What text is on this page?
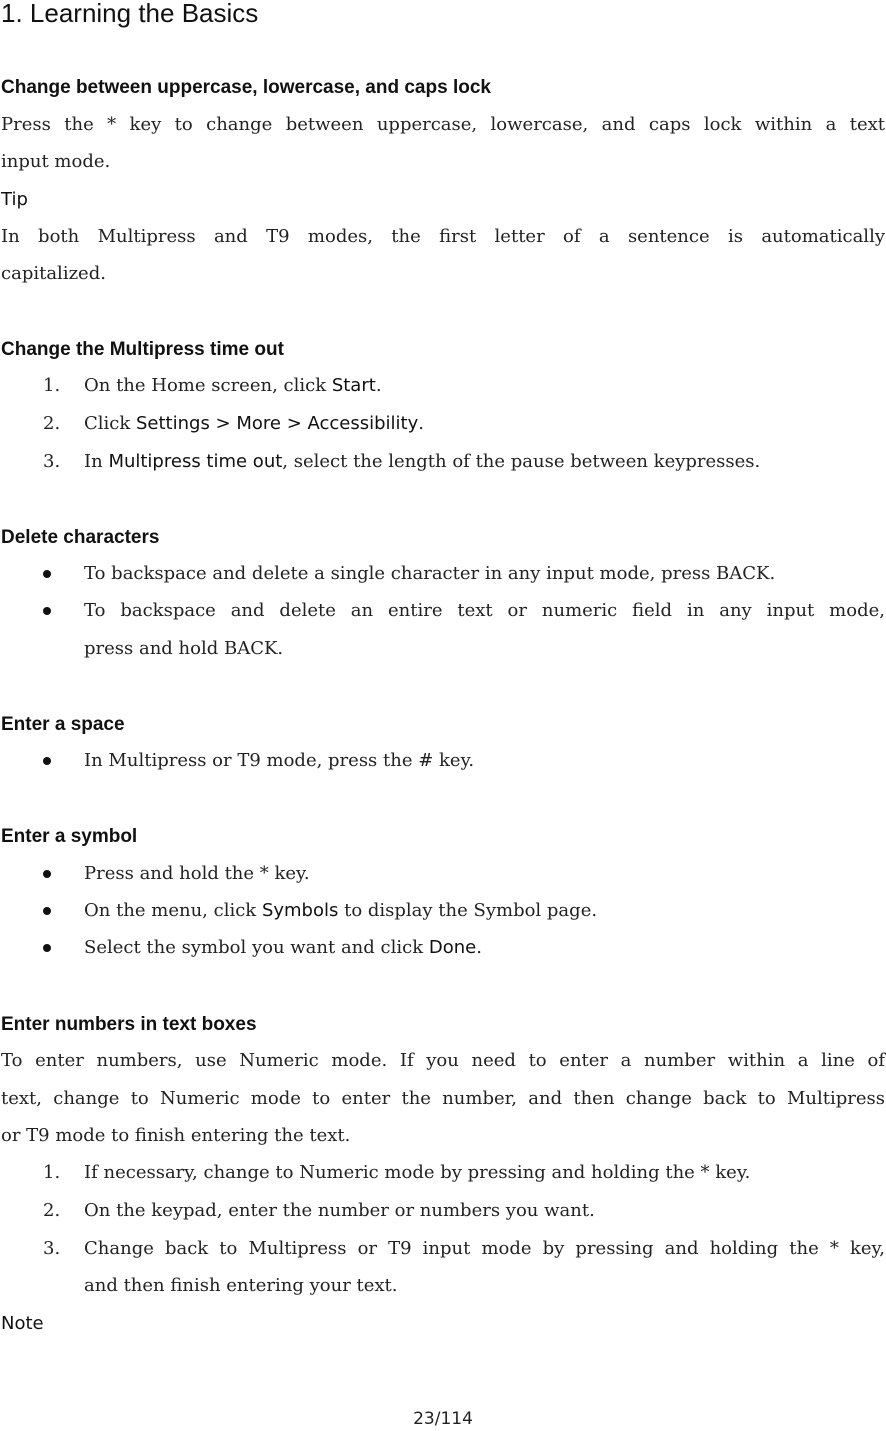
1. Learning the Basics
Change between uppercase, lowercase, and caps lock
Press the * key to change between uppercase, lowercase, and caps lock within a text
input mode.
Tip
In both Multipress and T9 modes, the first letter of a sentence is automatically
capitalized.
Change the Multipress time out
1. On the Home screen, click Start.
2. Click Settings > More > Accessibility.
3. In Multipress time out, select the length of the pause between keypresses.
Delete characters
To backspace and delete a single character in any input mode, press BACK.
To backspace and delete an entire text or numeric field in any input mode,
press and hold BACK.
Enter a space
In Multipress or T9 mode, press the # key.
Enter a symbol
Press and hold the * key.
On the menu, click Symbols to display the Symbol page.
Select the symbol you want and click Done.
Enter numbers in text boxes
To enter numbers, use Numeric mode. If you need to enter a number within a line of
text, change to Numeric mode to enter the number, and then change back to Multipress
or T9 mode to finish entering the text.
1. If necessary, change to Numeric mode by pressing and holding the * key.
2. On the keypad, enter the number or numbers you want.
3. Change back to Multipress or T9 input mode by pressing and holding the * key,
and then finish entering your text.
Note
23/114
